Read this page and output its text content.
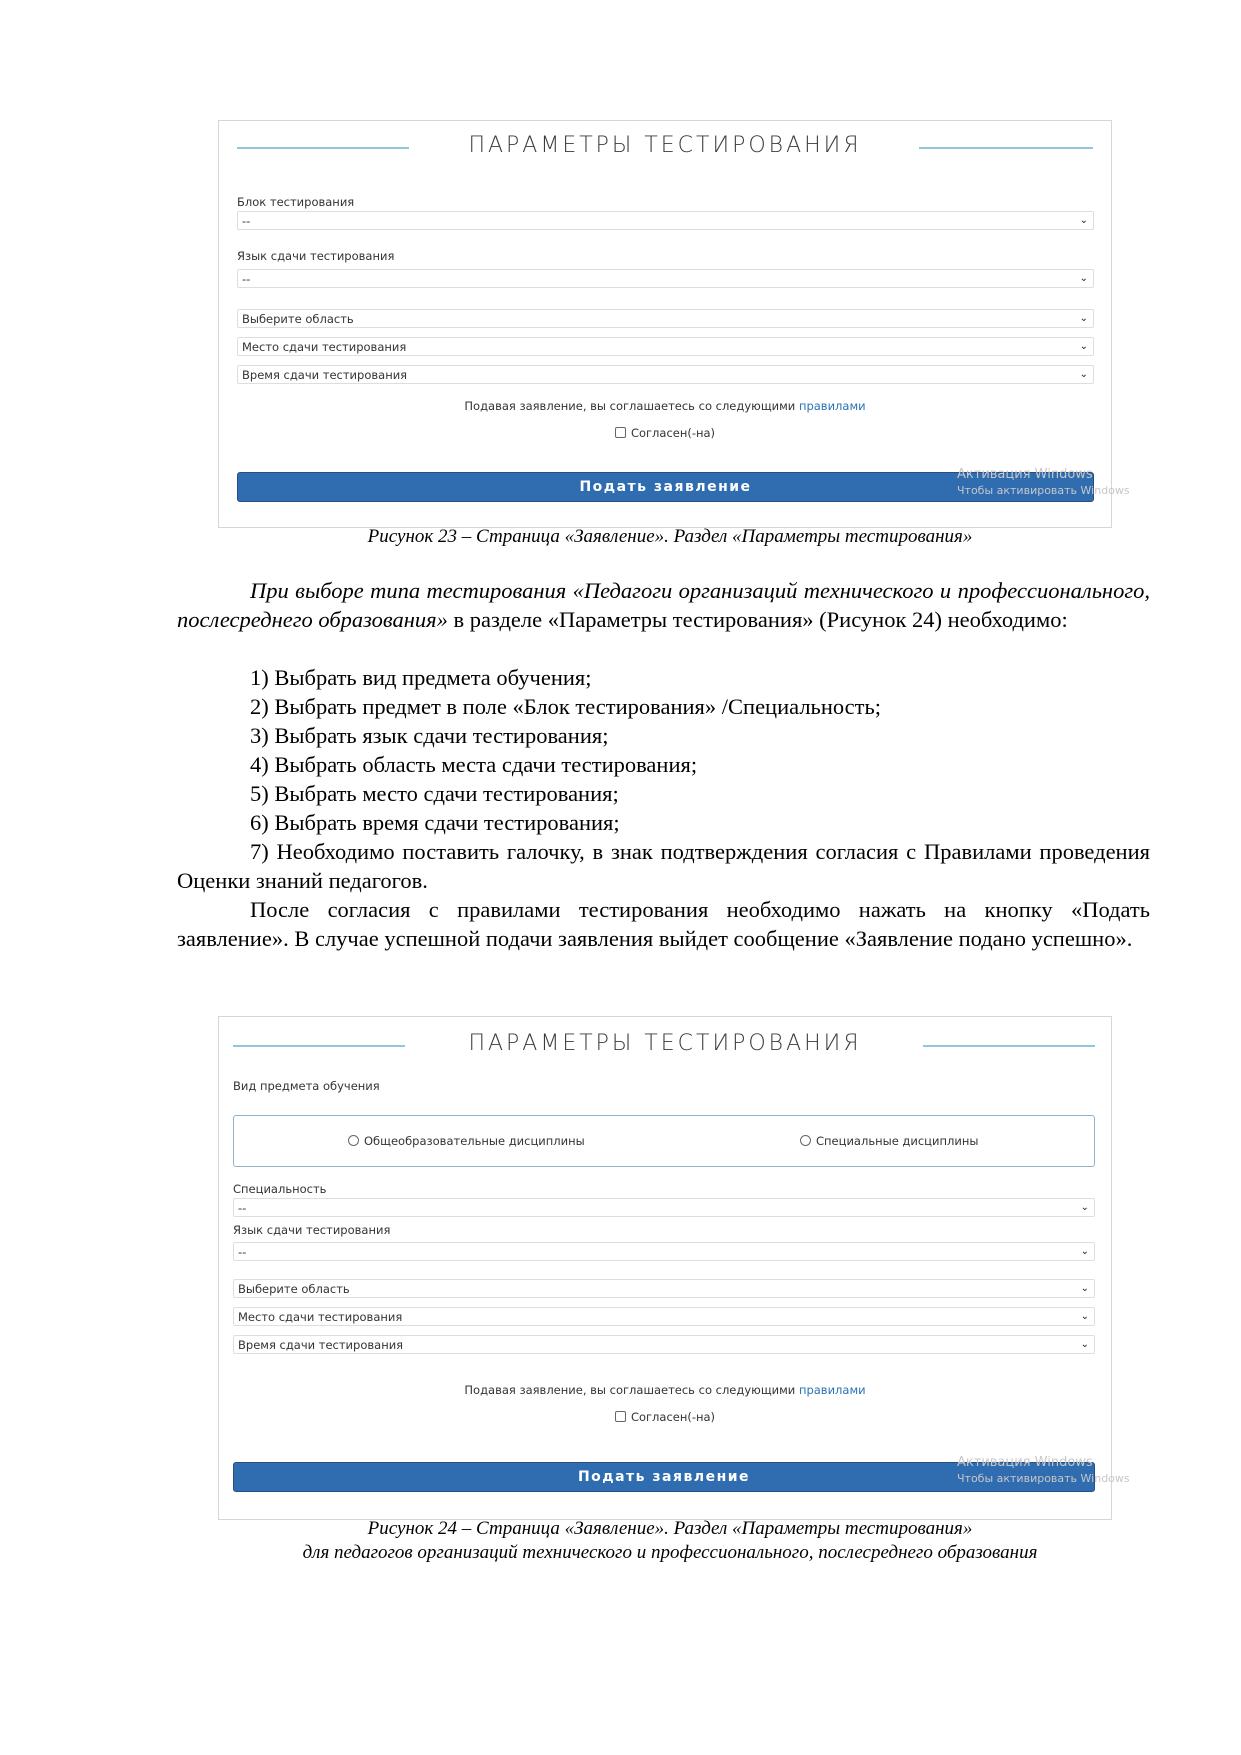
ПАРАМЕТРЫ ТЕСТИРОВАНИЯ
Блок тестирования
--	⌄
Язык сдачи тестирования
--	⌄
Выберите область	⌄
Место сдачи тестирования	⌄
Время сдачи тестирования	⌄
Подавая заявление, вы соглашаетесь со следующими правилами
Согласен(-на)
Подать заявление
Активация Windows
Чтобы активировать Windows
Рисунок 23 – Страница «Заявление». Раздел «Параметры тестирования»
При выборе типа тестирования «Педагоги организаций технического и профессионального, послесреднего образования» в разделе «Параметры тестирования» (Рисунок 24) необходимо:
1) Выбрать вид предмета обучения;
2) Выбрать предмет в поле «Блок тестирования» /Специальность;
3) Выбрать язык сдачи тестирования;
4) Выбрать область места сдачи тестирования;
5) Выбрать место сдачи тестирования;
6) Выбрать время сдачи тестирования;
7) Необходимо поставить галочку, в знак подтверждения согласия с Правилами проведения Оценки знаний педагогов.
После согласия с правилами тестирования необходимо нажать на кнопку «Подать заявление». В случае успешной подачи заявления выйдет сообщение «Заявление подано успешно».
ПАРАМЕТРЫ ТЕСТИРОВАНИЯ
Вид предмета обучения
Общеобразовательные дисциплины	Специальные дисциплины
Специальность
--	⌄
Язык сдачи тестирования
--	⌄
Выберите область	⌄
Место сдачи тестирования	⌄
Время сдачи тестирования	⌄
Подавая заявление, вы соглашаетесь со следующими правилами
Согласен(-на)
Подать заявление
Активация Windows
Чтобы активировать Windows
Рисунок 24 – Страница «Заявление». Раздел «Параметры тестирования»
для педагогов организаций технического и профессионального, послесреднего образования
